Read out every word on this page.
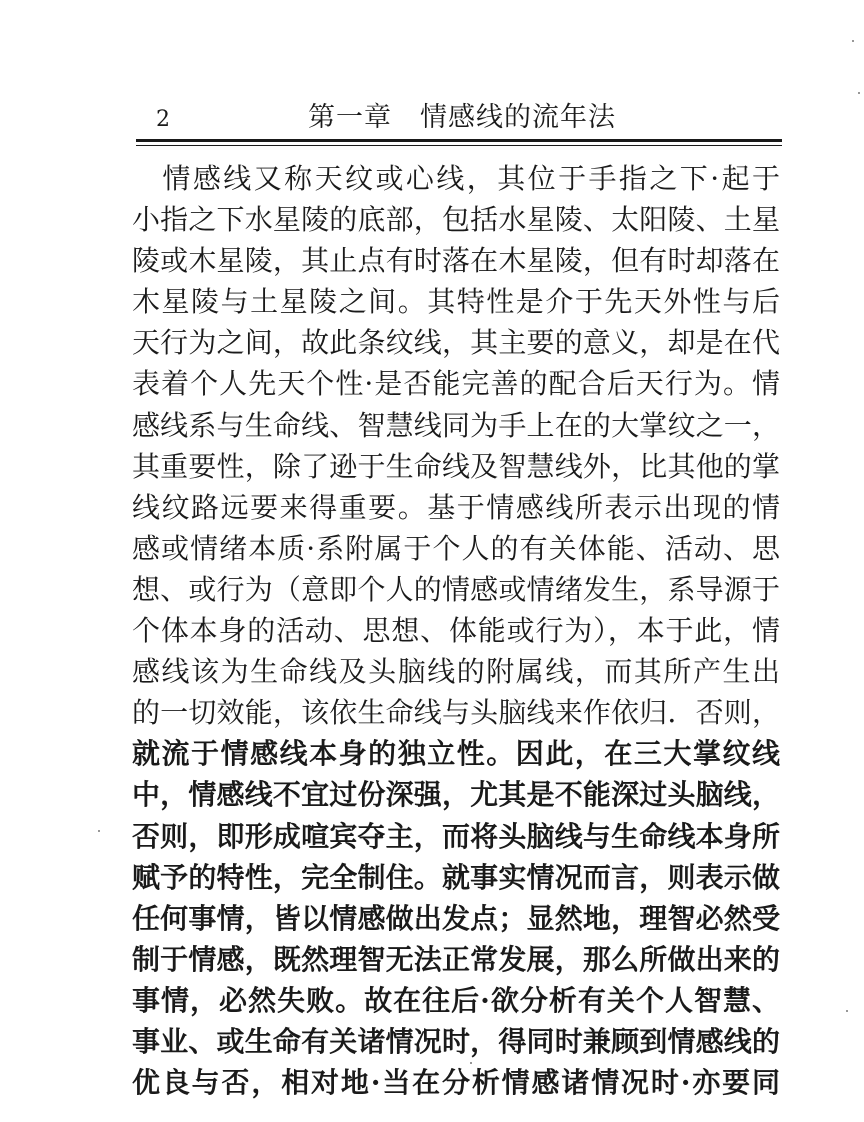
2	第一章　情感线的流年法
　情感线又称天纹或心线，其位于手指之下·起于
小指之下水星陵的底部，包括水星陵、太阳陵、土星
陵或木星陵，其止点有时落在木星陵，但有时却落在
木星陵与土星陵之间。其特性是介于先天外性与后
天行为之间，故此条纹线，其主要的意义，却是在代
表着个人先天个性·是否能完善的配合后天行为。情
感线系与生命线、智慧线同为手上在的大掌纹之一，
其重要性，除了逊于生命线及智慧线外，比其他的掌
线纹路远要来得重要。基于情感线所表示出现的情
感或情绪本质·系附属于个人的有关体能、活动、思
想、或行为（意即个人的情感或情绪发生，系导源于
个体本身的活动、思想、体能或行为），本于此，情
感线该为生命线及头脑线的附属线，而其所产生出
的一切效能，该依生命线与头脑线来作依归．否则，
就流于情感线本身的独立性。因此，在三大掌纹线
中，情感线不宜过份深强，尤其是不能深过头脑线，
否则，即形成喧宾夺主，而将头脑线与生命线本身所
赋予的特性，完全制住。就事实情况而言，则表示做
任何事情，皆以情感做出发点；显然地，理智必然受
制于情感，既然理智无法正常发展，那么所做出来的
事情，必然失败。故在往后·欲分析有关个人智慧、
事业、或生命有关诸情况时，得同时兼顾到情感线的
优良与否，相对地·当在分析情感诸情况时·亦要同
